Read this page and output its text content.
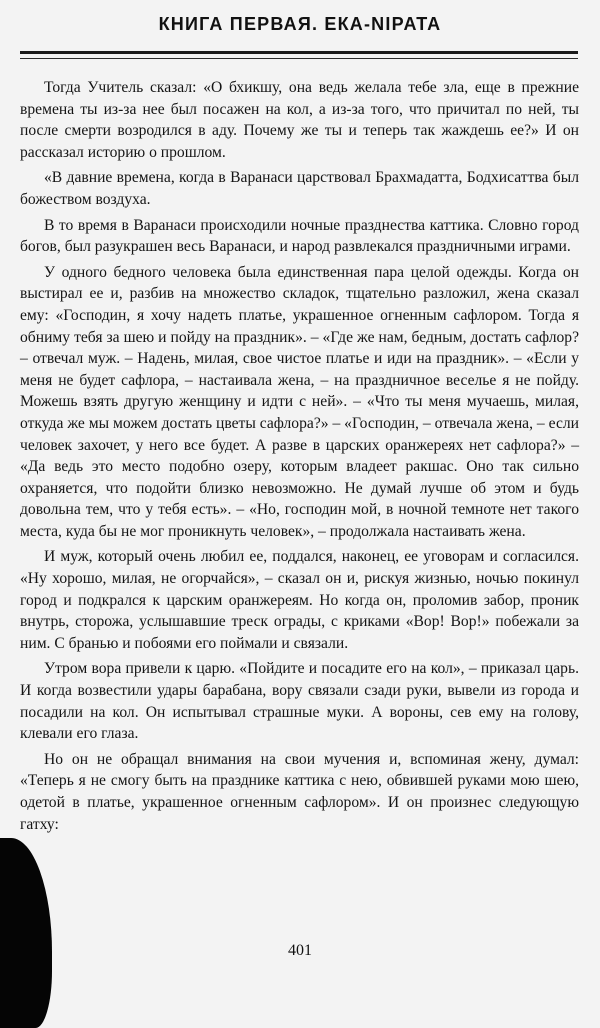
КНИГА ПЕРВАЯ. ЕКА-NIPATA

Тогда Учитель сказал: «О бхикшу, она ведь желала тебе зла, еще в прежние времена ты из-за нее был посажен на кол, а из-за того, что причитал по ней, ты после смерти возродился в аду. Почему же ты и теперь так жаждешь ее?» И он рассказал историю о прошлом.

«В давние времена, когда в Варанаси царствовал Брахмадатта, Бодхисаттва был божеством воздуха.

В то время в Варанаси происходили ночные празднества каттика. Словно город богов, был разукрашен весь Варанаси, и народ развлекался праздничными играми.

У одного бедного человека была единственная пара целой одежды. Когда он выстирал ее и, разбив на множество складок, тщательно разложил, жена сказал ему: «Господин, я хочу надеть платье, украшенное огненным сафлором. Тогда я обниму тебя за шею и пойду на праздник». – «Где же нам, бедным, достать сафлор? – отвечал муж. – Надень, милая, свое чистое платье и иди на праздник». – «Если у меня не будет сафлора, – настаивала жена, – на праздничное веселье я не пойду. Можешь взять другую женщину и идти с ней». – «Что ты меня мучаешь, милая, откуда же мы можем достать цветы сафлора?» – «Господин, – отвечала жена, – если человек захочет, у него все будет. А разве в царских оранжереях нет сафлора?» – «Да ведь это место подобно озеру, которым владеет ракшас. Оно так сильно охраняется, что подойти близко невозможно. Не думай лучше об этом и будь довольна тем, что у тебя есть». – «Но, господин мой, в ночной темноте нет такого места, куда бы не мог проникнуть человек», – продолжала настаивать жена.

И муж, который очень любил ее, поддался, наконец, ее уговорам и согласился. «Ну хорошо, милая, не огорчайся», – сказал он и, рискуя жизнью, ночью покинул город и подкрался к царским оранжереям. Но когда он, проломив забор, проник внутрь, сторожа, услышавшие треск ограды, с криками «Вор! Вор!» побежали за ним. С бранью и побоями его поймали и связали.

Утром вора привели к царю. «Пойдите и посадите его на кол», – приказал царь. И когда возвестили удары барабана, вору связали сзади руки, вывели из города и посадили на кол. Он испытывал страшные муки. А вороны, сев ему на голову, клевали его глаза.

Но он не обращал внимания на свои мучения и, вспоминая жену, думал: «Теперь я не смогу быть на празднике каттика с нею, обвившей руками мою шею, одетой в платье, украшенное огненным сафлором». И он произнес следующую гатху:

401
